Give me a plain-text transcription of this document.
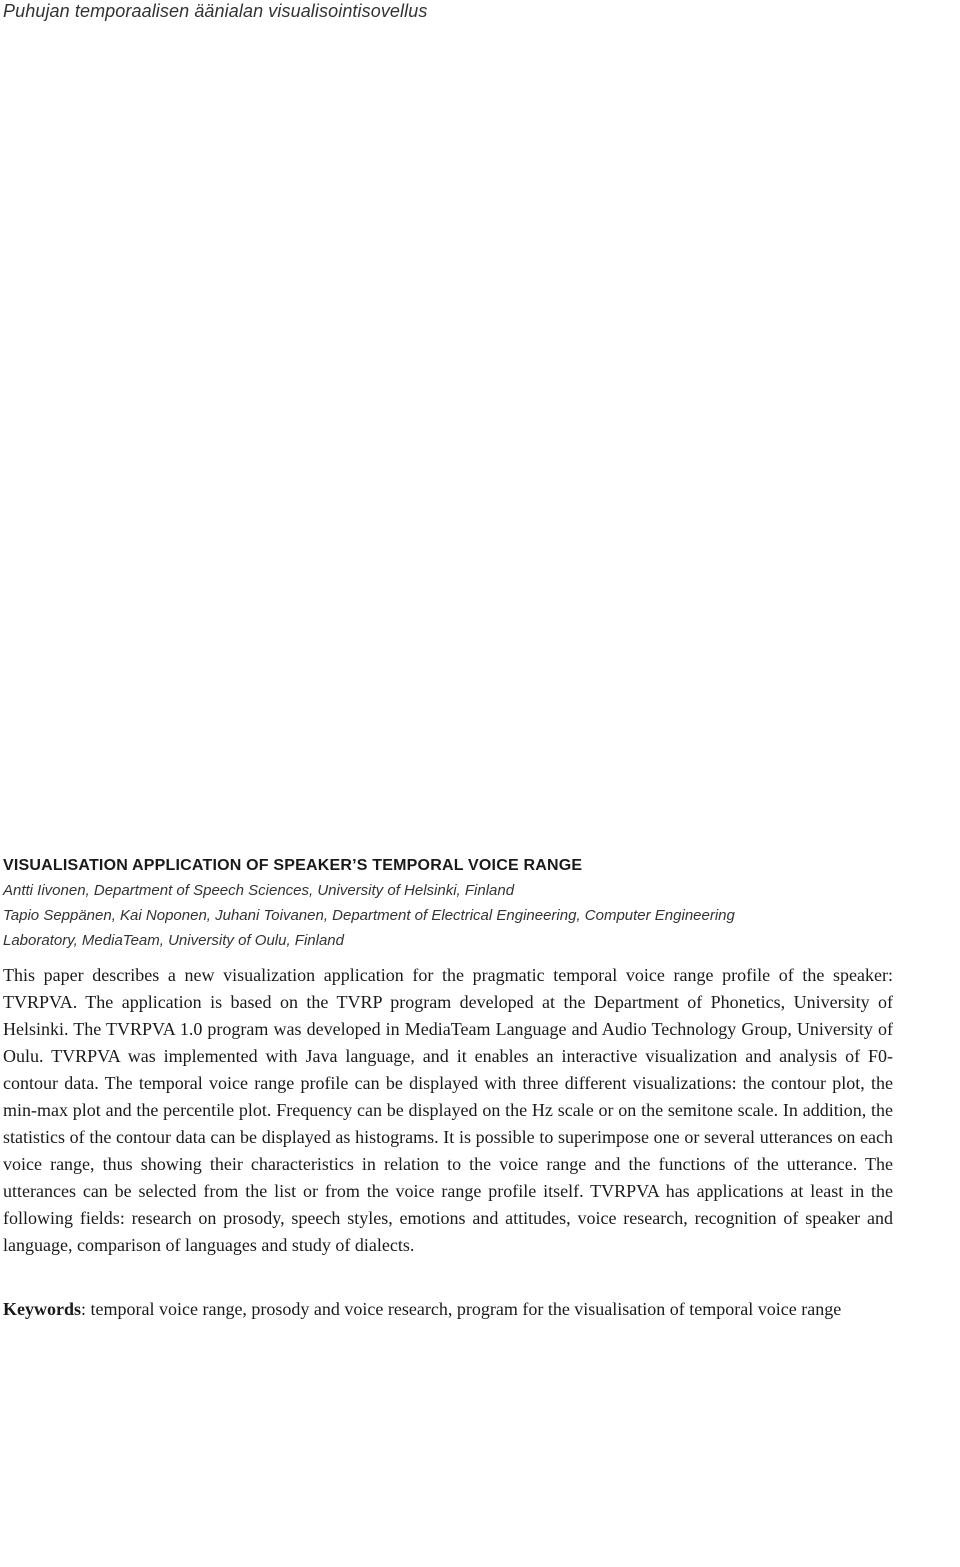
Puhujan temporaalisen äänialan visualisointisovellus

VISUALISATION APPLICATION OF SPEAKER’S TEMPORAL VOICE RANGE

Antti Iivonen, Department of Speech Sciences, University of Helsinki, Finland

Tapio Seppänen, Kai Noponen, Juhani Toivanen, Department of Electrical Engineering, Computer Engineering

Laboratory, MediaTeam, University of Oulu, Finland

This paper describes a new visualization application for the pragmatic temporal voice range profile of the speaker: TVRPVA. The application is based on the TVRP program developed at the Department of Phonetics, University of Helsinki. The TVRPVA 1.0 program was developed in MediaTeam Language and Audio Technology Group, University of Oulu. TVRPVA was implemented with Java language, and it enables an interactive visualization and analysis of F0-contour data. The temporal voice range profile can be displayed with three different visualizations: the contour plot, the min-max plot and the percentile plot. Frequency can be displayed on the Hz scale or on the semitone scale. In addition, the statistics of the contour data can be displayed as histograms. It is possible to superimpose one or several utterances on each voice range, thus showing their characteristics in relation to the voice range and the functions of the utterance. The utterances can be selected from the list or from the voice range profile itself. TVRPVA has applications at least in the following fields: research on prosody, speech styles, emotions and attitudes, voice research, recognition of speaker and language, comparison of languages and study of dialects.

Keywords: temporal voice range, prosody and voice research, program for the visualisation of temporal voice range
